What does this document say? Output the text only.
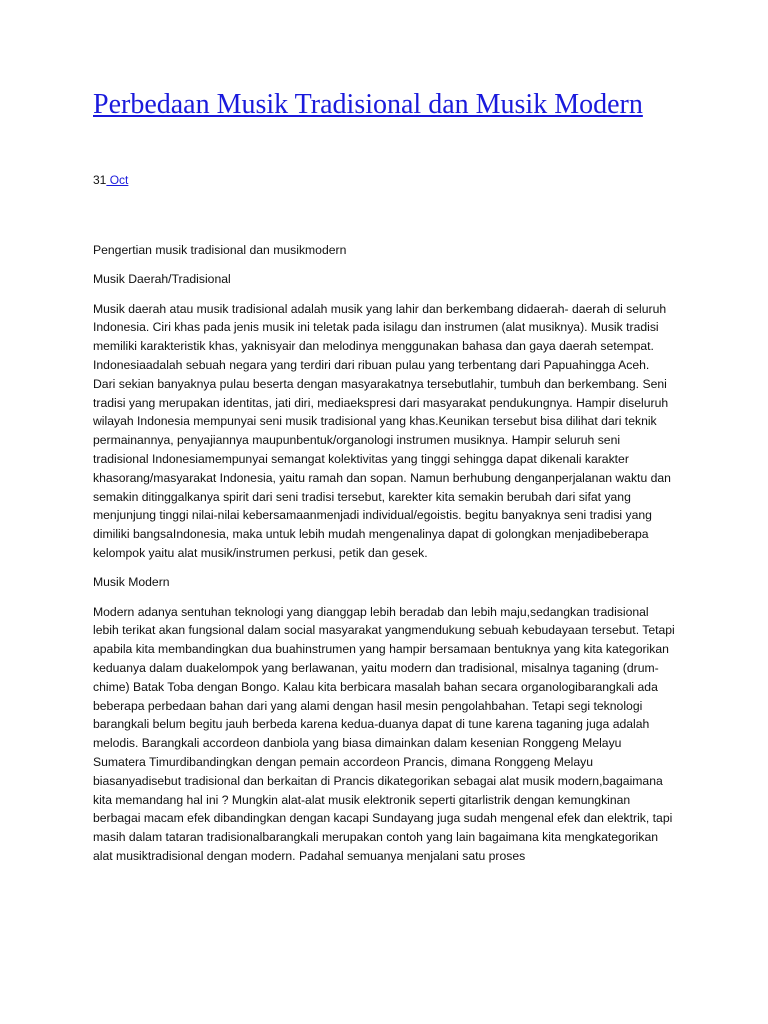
Perbedaan Musik Tradisional dan Musik Modern
31 Oct

Pengertian musik tradisional dan musikmodern

Musik Daerah/Tradisional

Musik daerah atau musik tradisional adalah musik yang lahir dan berkembang didaerah- daerah di seluruh Indonesia. Ciri khas pada jenis musik ini teletak pada isilagu dan instrumen (alat musiknya). Musik tradisi memiliki karakteristik khas, yaknisyair dan melodinya menggunakan bahasa dan gaya daerah setempat. Indonesiaadalah sebuah negara yang terdiri dari ribuan pulau yang terbentang dari Papuahingga Aceh. Dari sekian banyaknya pulau beserta dengan masyarakatnya tersebutlahir, tumbuh dan berkembang. Seni tradisi yang merupakan identitas, jati diri, mediaekspresi dari masyarakat pendukungnya. Hampir diseluruh wilayah Indonesia mempunyai seni musik tradisional yang khas.Keunikan tersebut bisa dilihat dari teknik permainannya, penyajiannya maupunbentuk/organologi instrumen musiknya. Hampir seluruh seni tradisional Indonesiamempunyai semangat kolektivitas yang tinggi sehingga dapat dikenali karakter khasorang/masyarakat Indonesia, yaitu ramah dan sopan. Namun berhubung denganperjalanan waktu dan semakin ditinggalkanya spirit dari seni tradisi tersebut, karekter kita semakin berubah dari sifat yang menjunjung tinggi nilai-nilai kebersamaanmenjadi individual/egoistis. begitu banyaknya seni tradisi yang dimiliki bangsaIndonesia, maka untuk lebih mudah mengenalinya dapat di golongkan menjadibeberapa kelompok yaitu alat musik/instrumen perkusi, petik dan gesek.

Musik Modern

Modern adanya sentuhan teknologi yang dianggap lebih beradab dan lebih maju,sedangkan tradisional lebih terikat akan fungsional dalam social masyarakat yangmendukung sebuah kebudayaan tersebut. Tetapi apabila kita membandingkan dua buahinstrumen yang hampir bersamaan bentuknya yang kita kategorikan keduanya dalam duakelompok yang berlawanan, yaitu modern dan tradisional, misalnya taganing (drum-chime) Batak Toba dengan Bongo. Kalau kita berbicara masalah bahan secara organologibarangkali ada beberapa perbedaan bahan dari yang alami dengan hasil mesin pengolahbahan. Tetapi segi teknologi barangkali belum begitu jauh berbeda karena kedua-duanya dapat di tune karena taganing juga adalah melodis. Barangkali accordeon danbiola yang biasa dimainkan dalam kesenian Ronggeng Melayu Sumatera Timurdibandingkan dengan pemain accordeon Prancis, dimana Ronggeng Melayu biasanyadisebut tradisional dan berkaitan di Prancis dikategorikan sebagai alat musik modern,bagaimana kita memandang hal ini ? Mungkin alat-alat musik elektronik seperti gitarlistrik dengan kemungkinan berbagai macam efek dibandingkan dengan kacapi Sundayang juga sudah mengenal efek dan elektrik, tapi masih dalam tataran tradisionalbarangkali merupakan contoh yang lain bagaimana kita mengkategorikan alat musiktradisional dengan modern. Padahal semuanya menjalani satu proses
